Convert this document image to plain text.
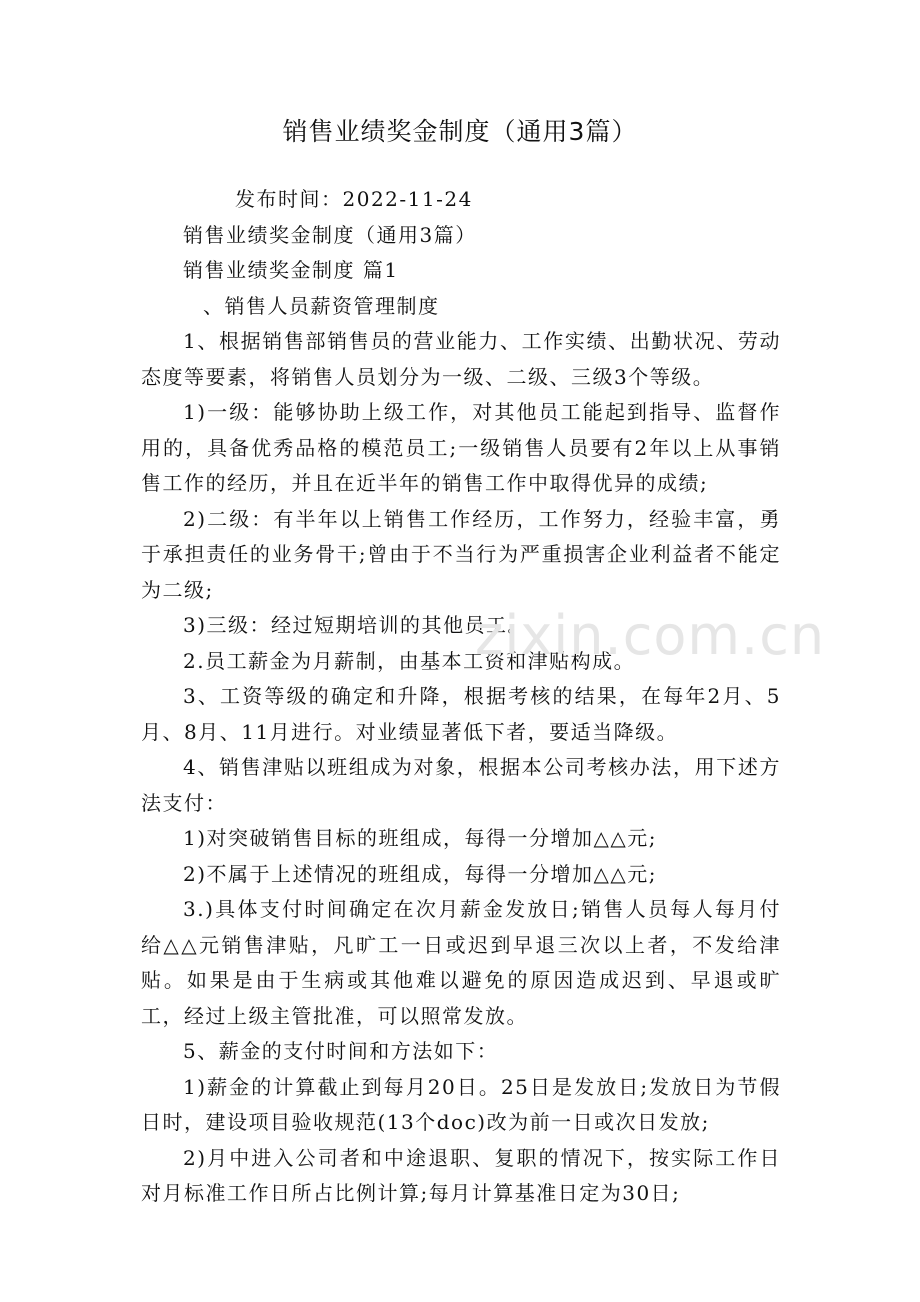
销售业绩奖金制度（通用3篇）

发布时间：2022-11-24

销售业绩奖金制度（通用3篇）

销售业绩奖金制度 篇1

、销售人员薪资管理制度

1、根据销售部销售员的营业能力、工作实绩、出勤状况、劳动态度等要素，将销售人员划分为一级、二级、三级3个等级。

1)一级：能够协助上级工作，对其他员工能起到指导、监督作用的，具备优秀品格的模范员工;一级销售人员要有2年以上从事销售工作的经历，并且在近半年的销售工作中取得优异的成绩;

2)二级：有半年以上销售工作经历，工作努力，经验丰富，勇于承担责任的业务骨干;曾由于不当行为严重损害企业利益者不能定为二级;

3)三级：经过短期培训的其他员工。

2.员工薪金为月薪制，由基本工资和津贴构成。

3、工资等级的确定和升降，根据考核的结果，在每年2月、5月、8月、11月进行。对业绩显著低下者，要适当降级。

4、销售津贴以班组成为对象，根据本公司考核办法，用下述方法支付：

1)对突破销售目标的班组成，每得一分增加△△元;

2)不属于上述情况的班组成，每得一分增加△△元;

3.)具体支付时间确定在次月薪金发放日;销售人员每人每月付给△△元销售津贴，凡旷工一日或迟到早退三次以上者，不发给津贴。如果是由于生病或其他难以避免的原因造成迟到、早退或旷工，经过上级主管批准，可以照常发放。

5、薪金的支付时间和方法如下：

1)薪金的计算截止到每月20日。25日是发放日;发放日为节假日时，建设项目验收规范(13个doc)改为前一日或次日发放;

2)月中进入公司者和中途退职、复职的情况下，按实际工作日对月标准工作日所占比例计算;每月计算基准日定为30日;

zixin.com.cn
